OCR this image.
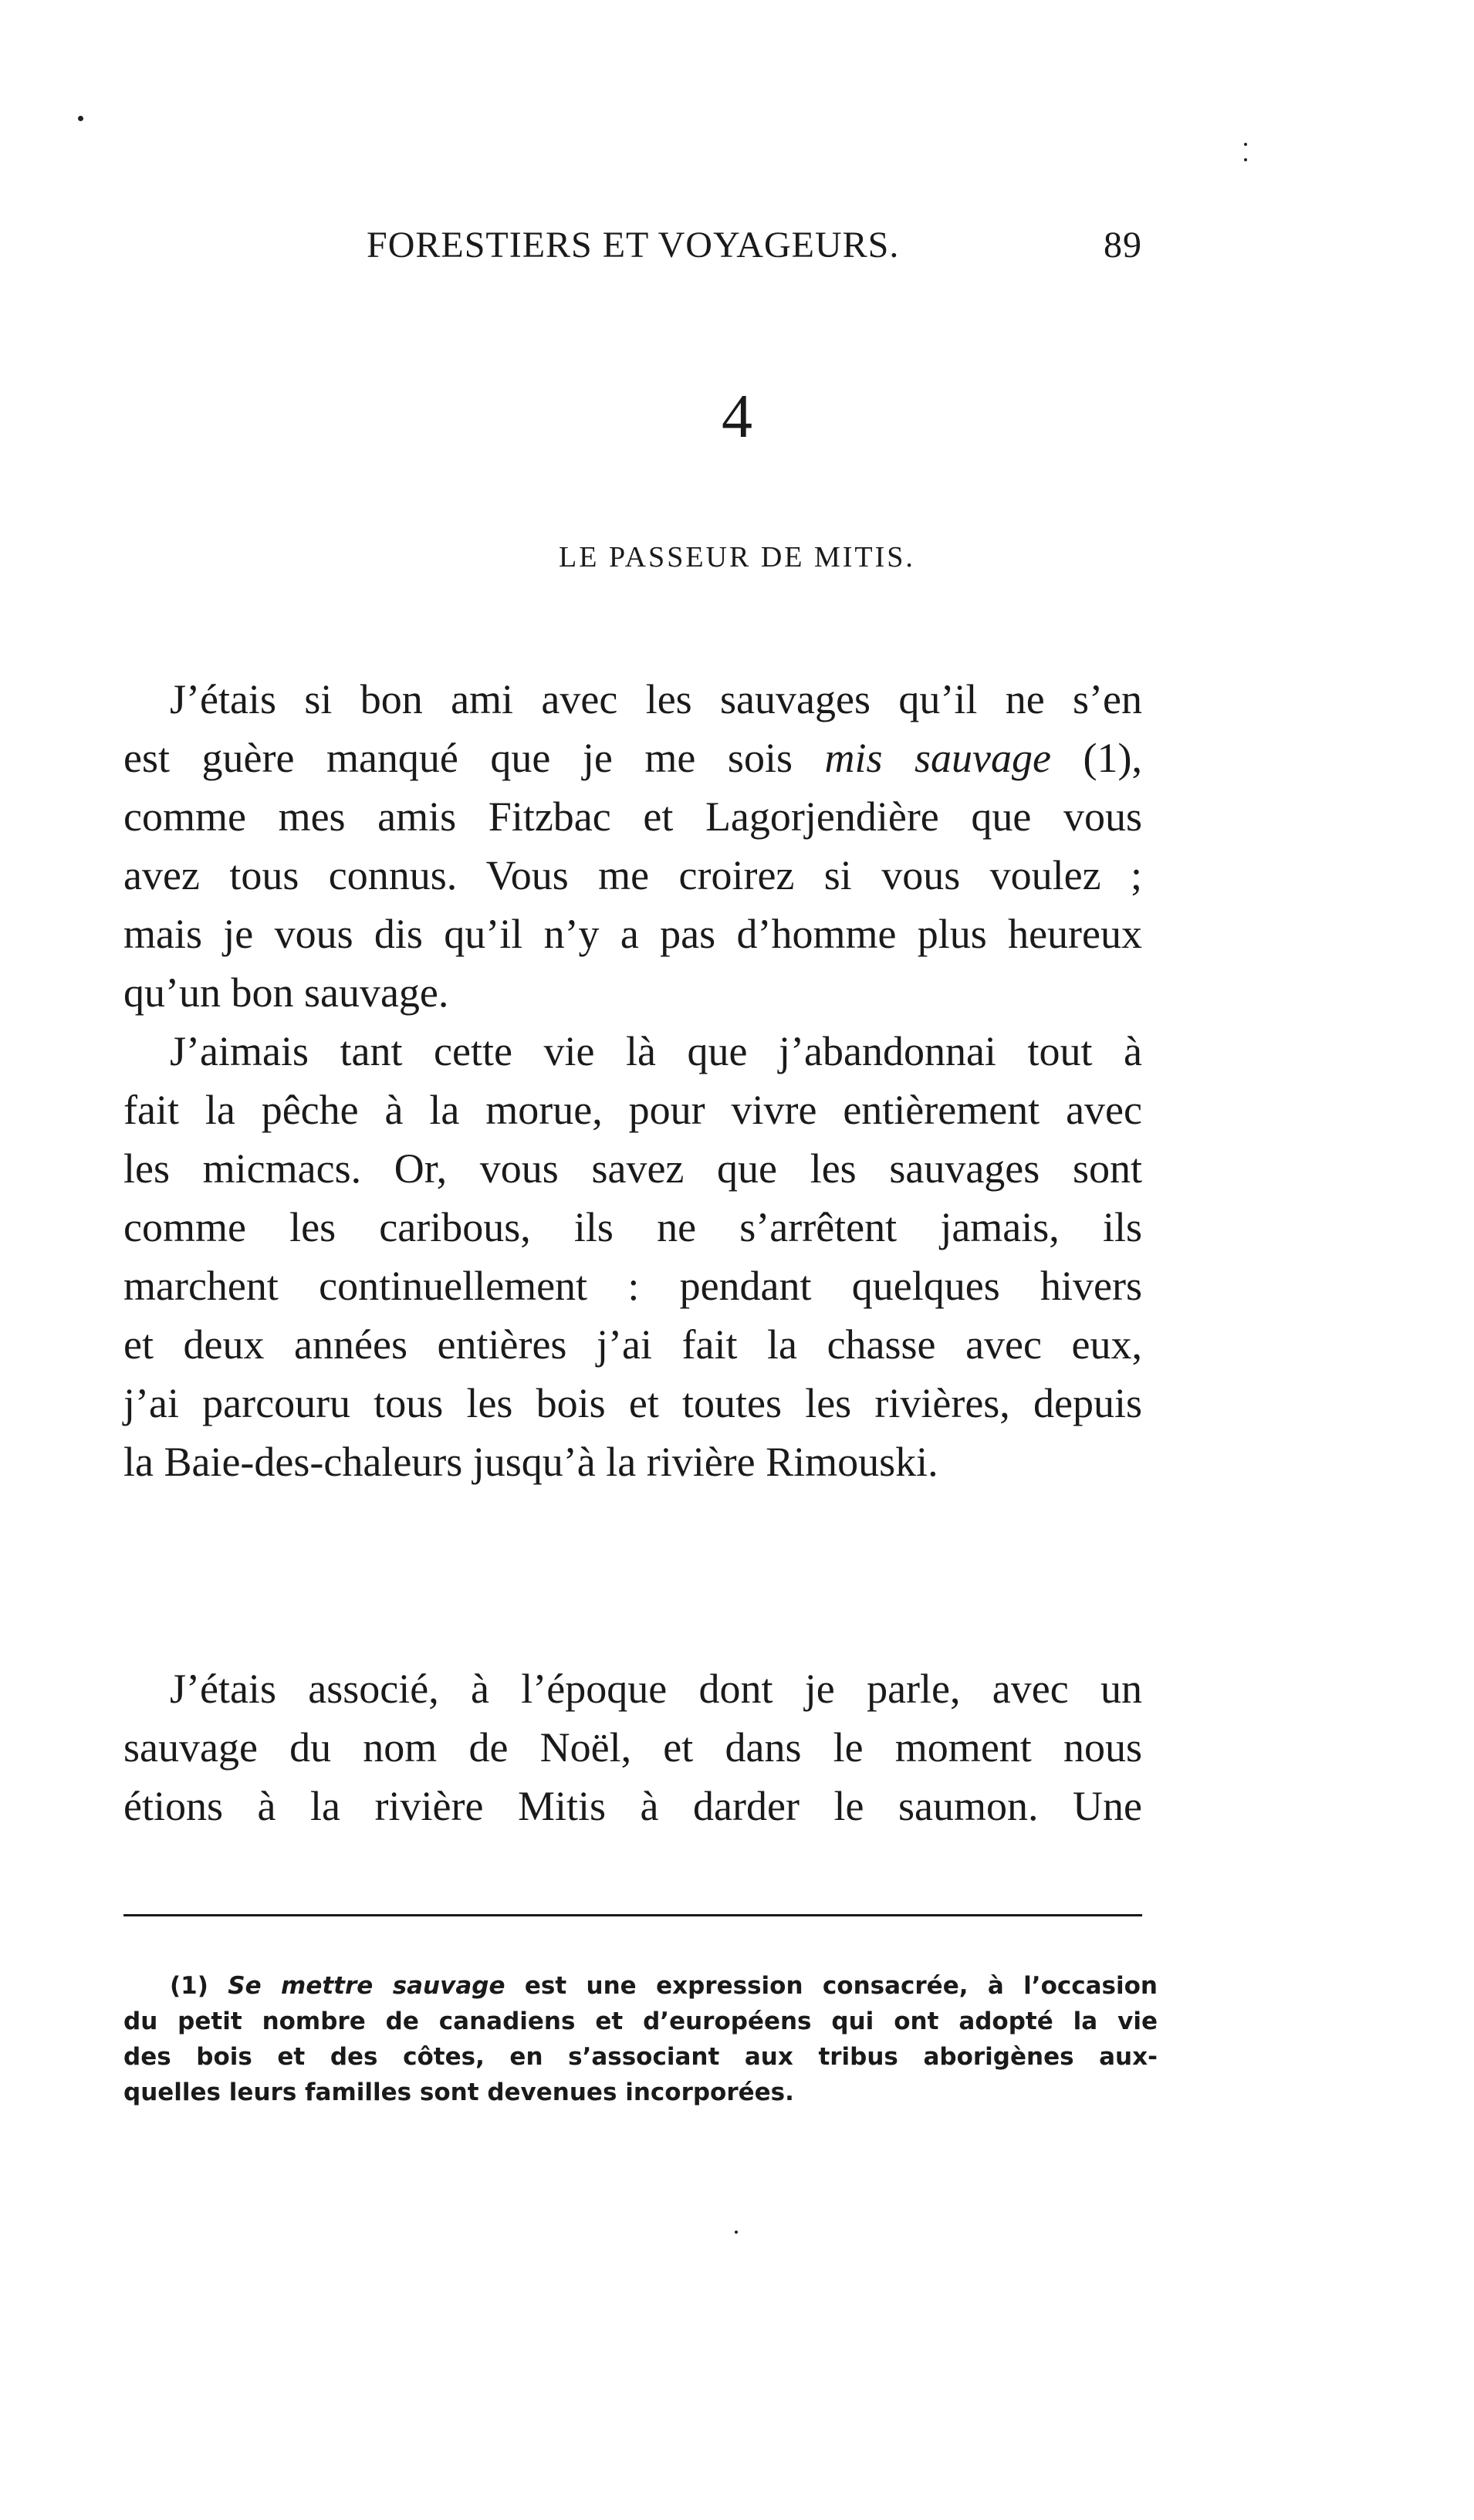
FORESTIERS ET VOYAGEURS.	89
4
LE PASSEUR DE MITIS.

J’étais si bon ami avec les sauvages qu’il ne s’en
est guère manqué que je me sois mis sauvage (1),
comme mes amis Fitzbac et Lagorjendière que vous
avez tous connus. Vous me croirez si vous voulez ;
mais je vous dis qu’il n’y a pas d’homme plus heureux
qu’un bon sauvage.

J’aimais tant cette vie là que j’abandonnai tout à
fait la pêche à la morue, pour vivre entièrement avec
les micmacs. Or, vous savez que les sauvages sont
comme les caribous, ils ne s’arrêtent jamais, ils
marchent continuellement : pendant quelques hivers
et deux années entières j’ai fait la chasse avec eux,
j’ai parcouru tous les bois et toutes les rivières, depuis
la Baie-des-chaleurs jusqu’à la rivière Rimouski.

J’étais associé, à l’époque dont je parle, avec un
sauvage du nom de Noël, et dans le moment nous
étions à la rivière Mitis à darder le saumon. Une

(1) Se mettre sauvage est une expression consacrée, à l’occasion
du petit nombre de canadiens et d’européens qui ont adopté la vie
des bois et des côtes, en s’associant aux tribus aborigènes aux-
quelles leurs familles sont devenues incorporées.
